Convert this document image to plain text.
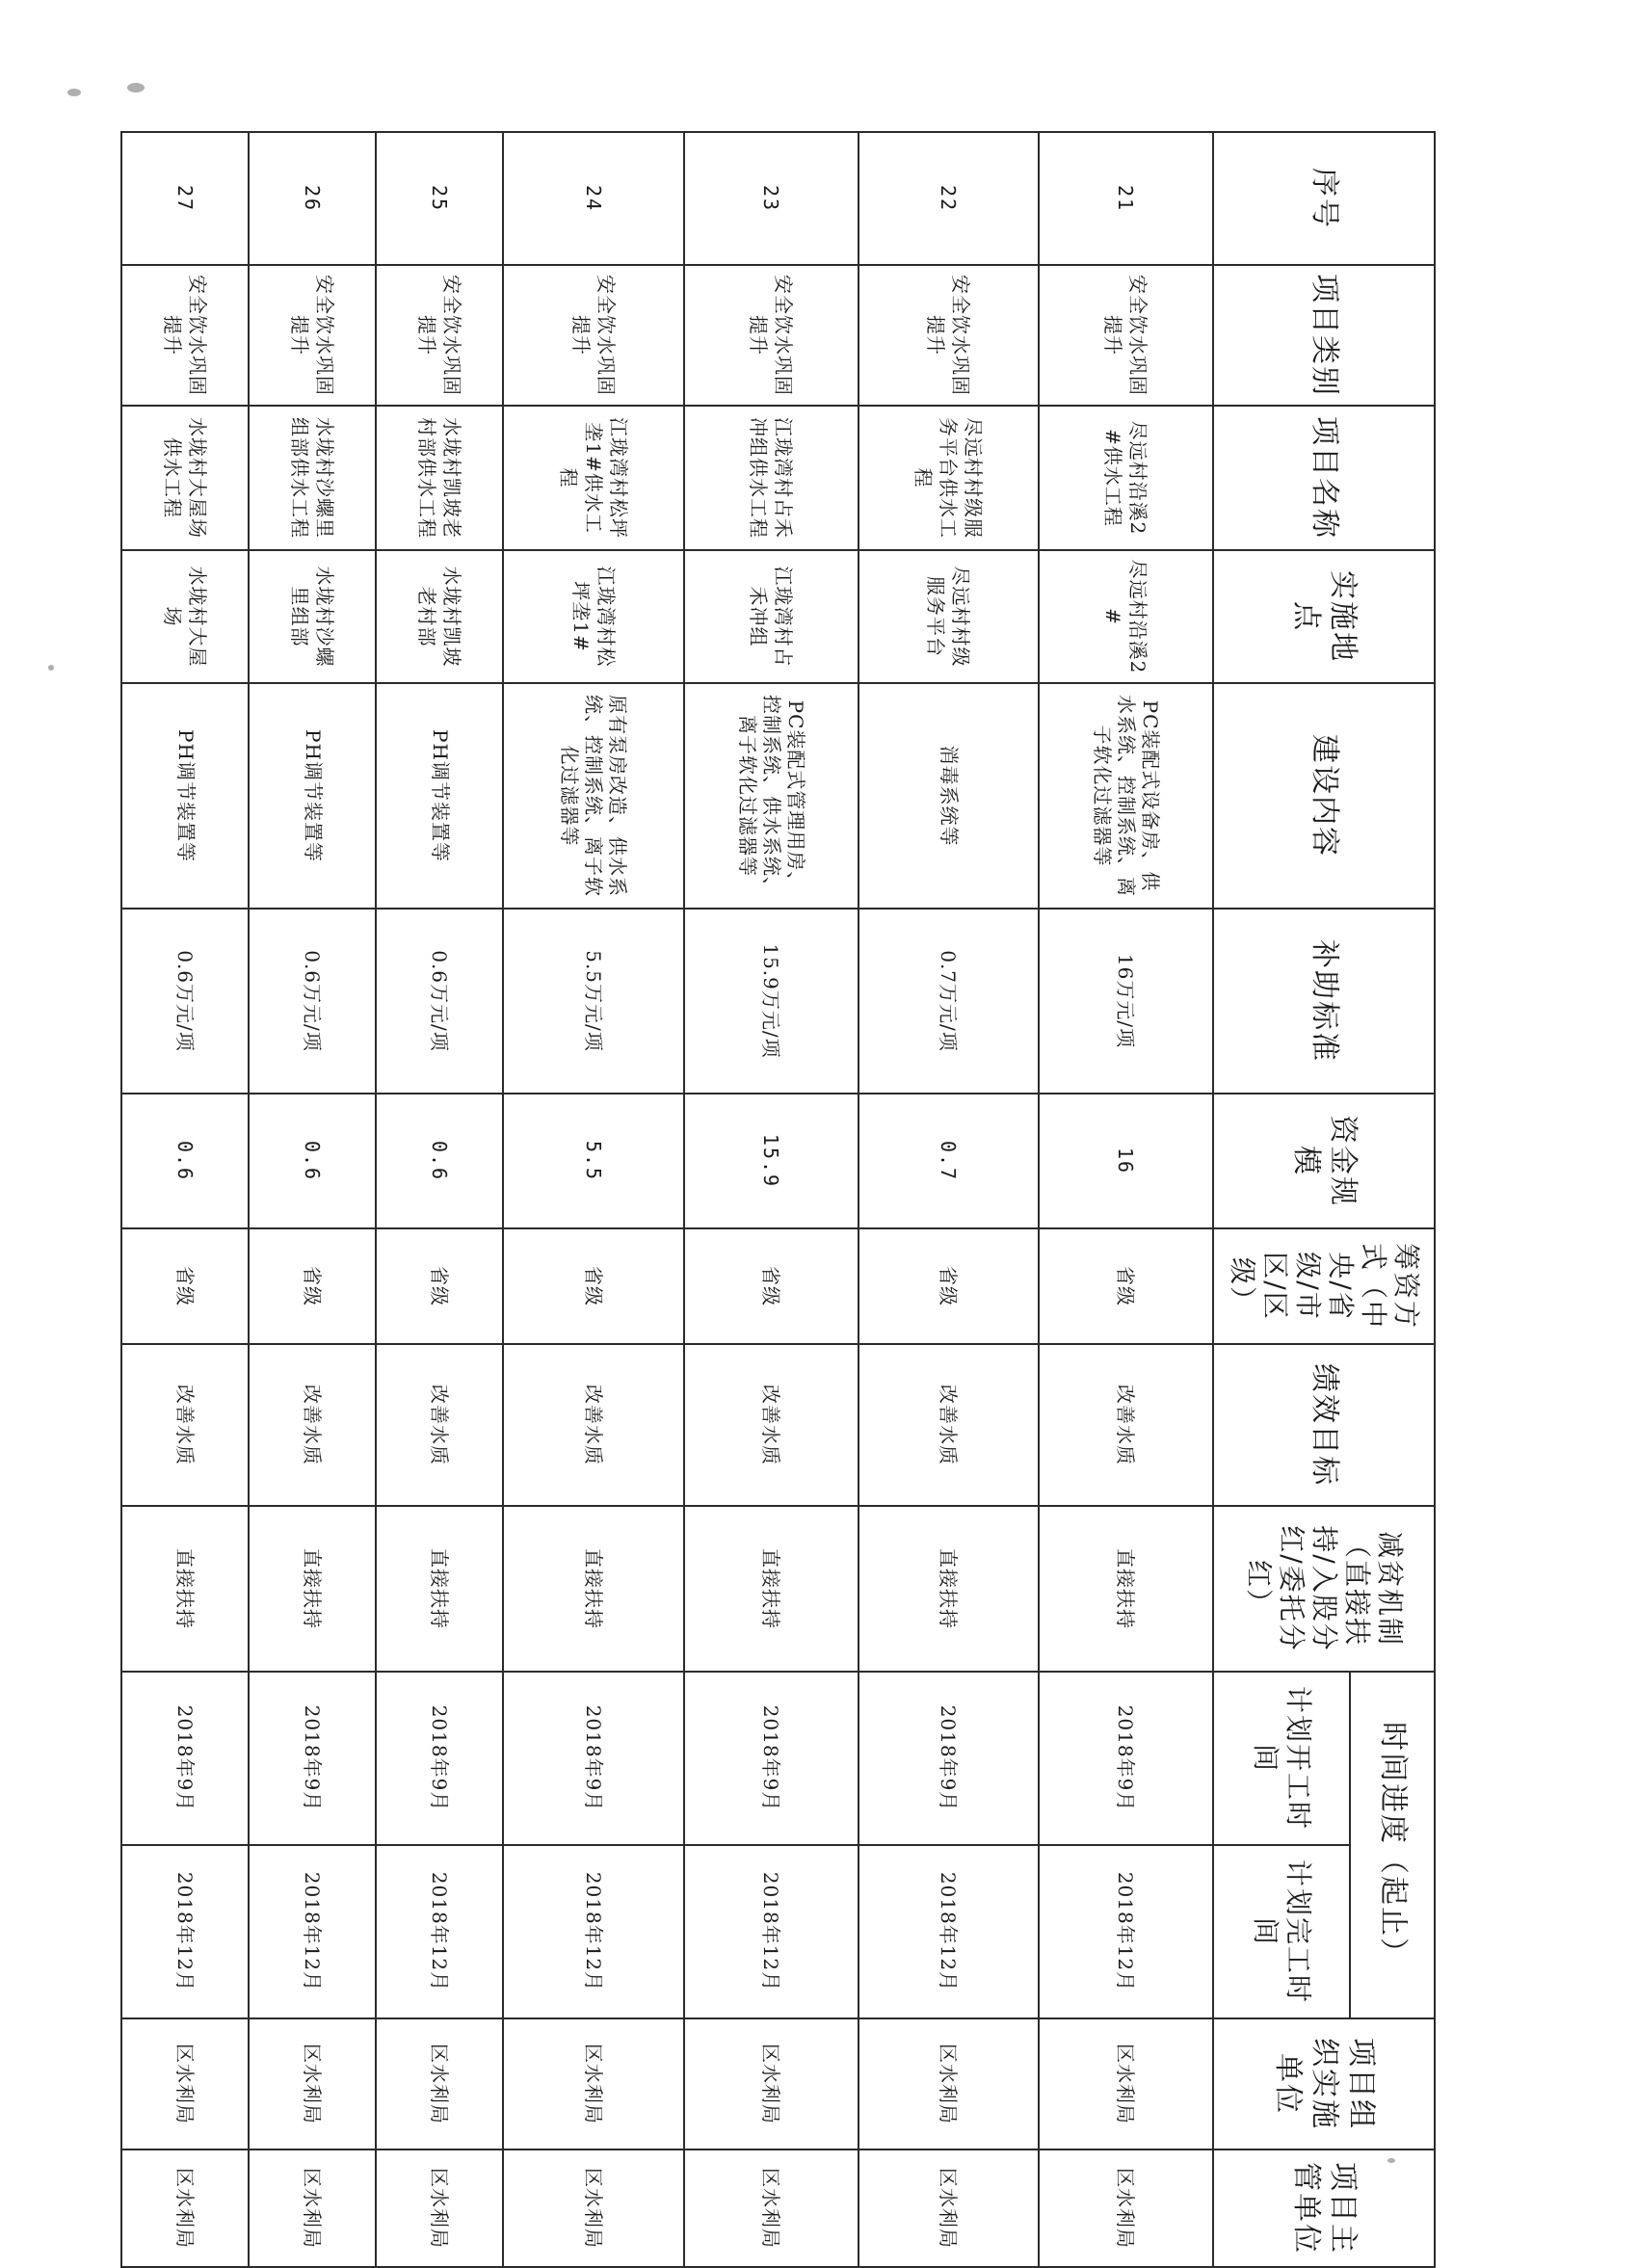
序号	项目类别	项目名称	实施地点	建设内容	补助标准	资金规模	筹资方式（中央/省级/市区/区级）	绩效目标	减贫机制（直接扶持/入股分红/委托分红）	时间进度（起止）		项目组织实施单位	项目主管单位
										计划开工时间	计划完工时间		
21	安全饮水巩固提升	尽远村沿溪2#供水工程	尽远村沿溪2#	PC装配式设备房、供水系统、控制系统、离子软化过滤器等	16万元/项	16	省级	改善水质	直接扶持	2018年9月	2018年12月	区水利局	区水利局
22	安全饮水巩固提升	尽远村村级服务平台供水工程	尽远村村级服务平台	消毒系统等	0.7万元/项	0.7	省级	改善水质	直接扶持	2018年9月	2018年12月	区水利局	区水利局
23	安全饮水巩固提升	江珑湾村占禾冲组供水工程	江珑湾村占禾冲组	PC装配式管理用房、控制系统、供水系统、离子软化过滤器等	15.9万元/项	15.9	省级	改善水质	直接扶持	2018年9月	2018年12月	区水利局	区水利局
24	安全饮水巩固提升	江珑湾村松坪垄1#供水工程	江珑湾村松坪垄1#	原有泵房改造、供水系统、控制系统、离子软化过滤器等	5.5万元/项	5.5	省级	改善水质	直接扶持	2018年9月	2018年12月	区水利局	区水利局
25	安全饮水巩固提升	水垅村凯坡老村部供水工程	水垅村凯坡老村部	PH调节装置等	0.6万元/项	0.6	省级	改善水质	直接扶持	2018年9月	2018年12月	区水利局	区水利局
26	安全饮水巩固提升	水垅村沙螺里组部供水工程	水垅村沙螺里组部	PH调节装置等	0.6万元/项	0.6	省级	改善水质	直接扶持	2018年9月	2018年12月	区水利局	区水利局
27	安全饮水巩固提升	水垅村大屋场供水工程	水垅村大屋场	PH调节装置等	0.6万元/项	0.6	省级	改善水质	直接扶持	2018年9月	2018年12月	区水利局	区水利局
